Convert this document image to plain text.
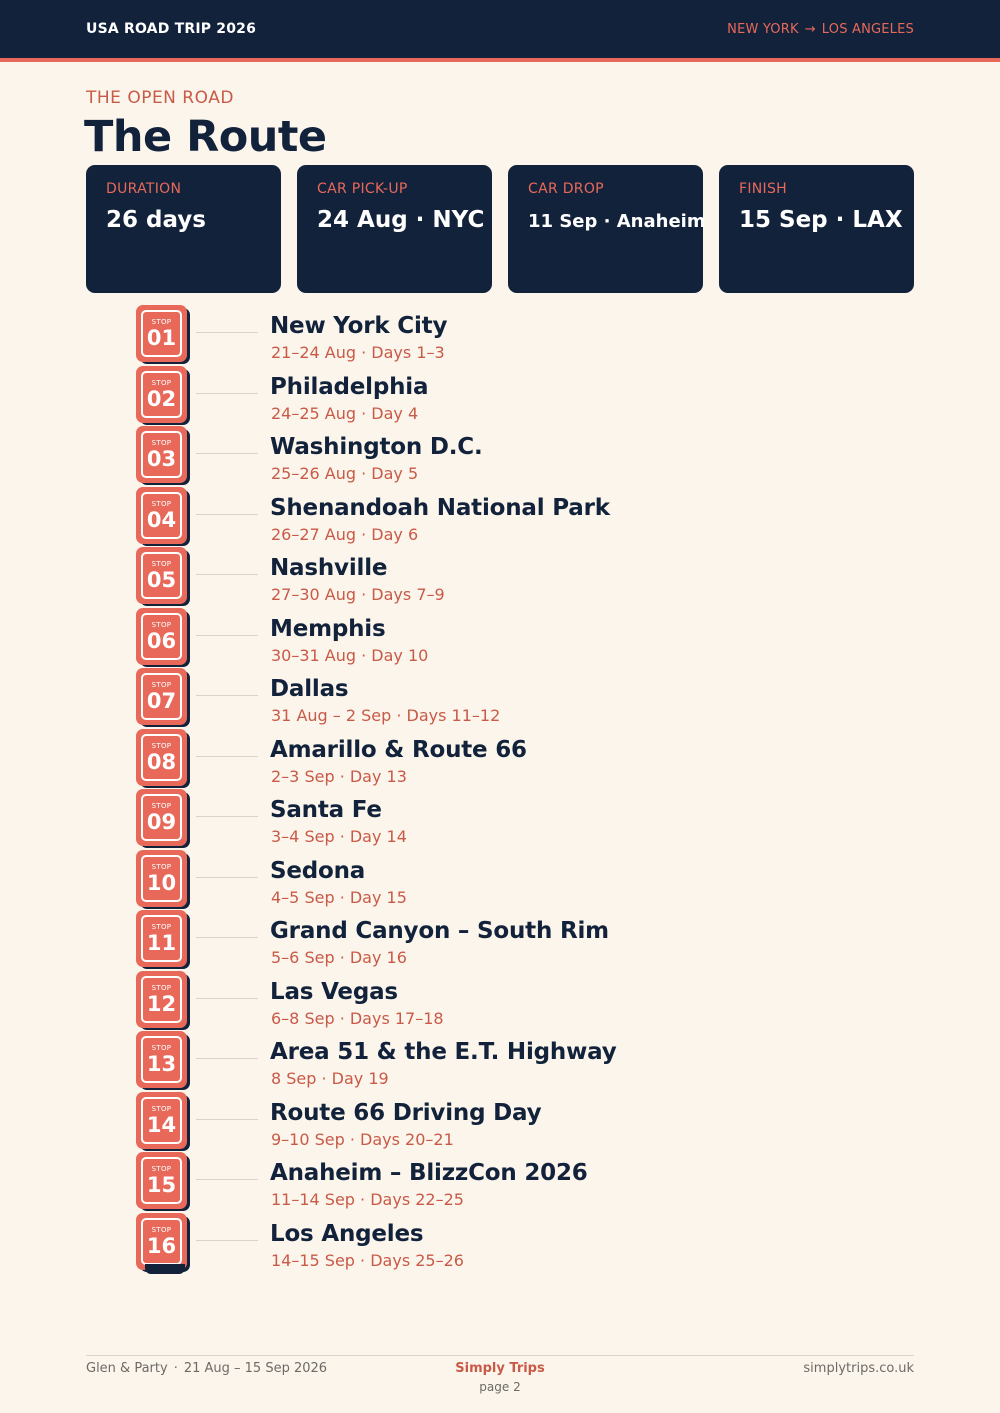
USA ROAD TRIP 2026	NEW YORK → LOS ANGELES
THE OPEN ROAD
The Route
DURATION
26 days
CAR PICK-UP
24 Aug · NYC
CAR DROP
11 Sep · Anaheim
FINISH
15 Sep · LAX
STOP
01	New York City
21–24 Aug · Days 1–3
STOP
02	Philadelphia
24–25 Aug · Day 4
STOP
03	Washington D.C.
25–26 Aug · Day 5
STOP
04	Shenandoah National Park
26–27 Aug · Day 6
STOP
05	Nashville
27–30 Aug · Days 7–9
STOP
06	Memphis
30–31 Aug · Day 10
STOP
07	Dallas
31 Aug – 2 Sep · Days 11–12
STOP
08	Amarillo & Route 66
2–3 Sep · Day 13
STOP
09	Santa Fe
3–4 Sep · Day 14
STOP
10	Sedona
4–5 Sep · Day 15
STOP
11	Grand Canyon – South Rim
5–6 Sep · Day 16
STOP
12	Las Vegas
6–8 Sep · Days 17–18
STOP
13	Area 51 & the E.T. Highway
8 Sep · Day 19
STOP
14	Route 66 Driving Day
9–10 Sep · Days 20–21
STOP
15	Anaheim – BlizzCon 2026
11–14 Sep · Days 22–25
STOP
16	Los Angeles
14–15 Sep · Days 25–26
Glen & Party · 21 Aug – 15 Sep 2026	Simply Trips
page 2
simplytrips.co.uk
